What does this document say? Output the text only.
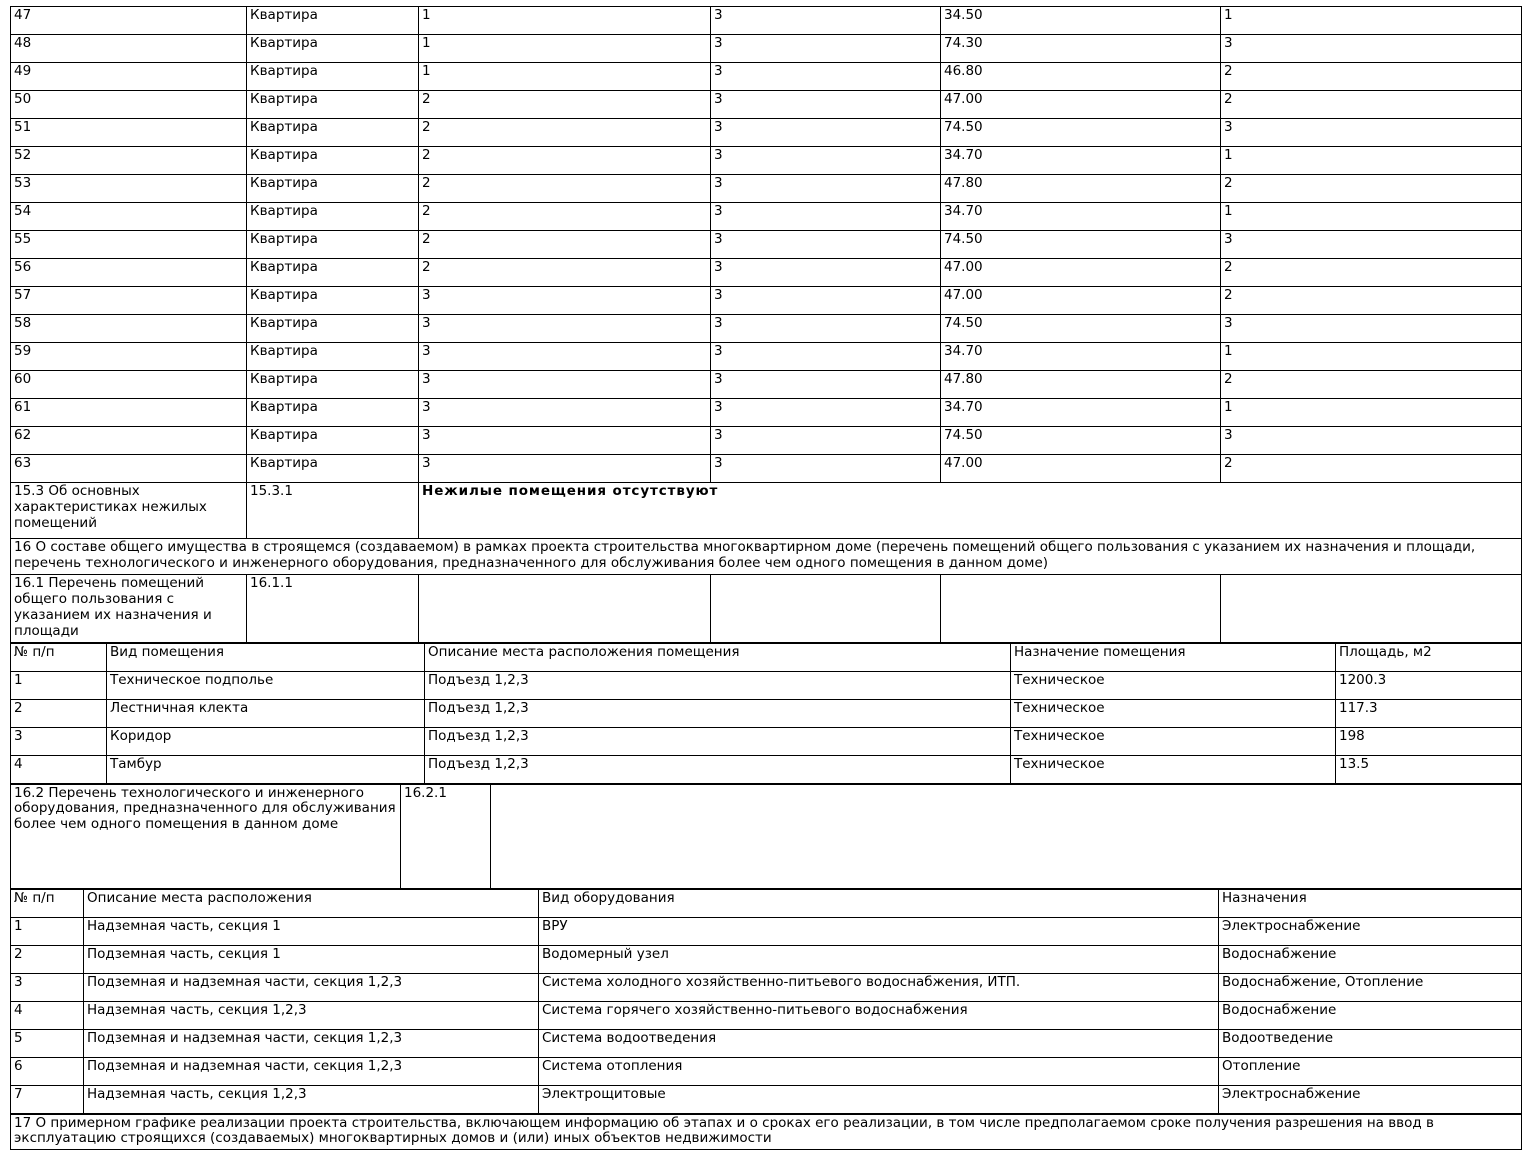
47	Квартира	1	3	34.50	1
48	Квартира	1	3	74.30	3
49	Квартира	1	3	46.80	2
50	Квартира	2	3	47.00	2
51	Квартира	2	3	74.50	3
52	Квартира	2	3	34.70	1
53	Квартира	2	3	47.80	2
54	Квартира	2	3	34.70	1
55	Квартира	2	3	74.50	3
56	Квартира	2	3	47.00	2
57	Квартира	3	3	47.00	2
58	Квартира	3	3	74.50	3
59	Квартира	3	3	34.70	1
60	Квартира	3	3	47.80	2
61	Квартира	3	3	34.70	1
62	Квартира	3	3	74.50	3
63	Квартира	3	3	47.00	2
15.3 Об основных характеристиках нежилых помещений	15.3.1	Нежилые помещения отсутствуют			
16 О составе общего имущества в строящемся (создаваемом) в рамках проекта строительства многоквартирном доме (перечень помещений общего пользования с указанием их назначения и площади, перечень технологического и инженерного оборудования, предназначенного для обслуживания более чем одного помещения в данном доме)					
16.1 Перечень помещений общего пользования с указанием их назначения и площади	16.1.1				
№ п/п	Вид помещения	Описание места расположения помещения	Назначение помещения	Площадь, м2
1	Техническое подполье	Подъезд 1,2,3	Техническое	1200.3
2	Лестничная клекта	Подъезд 1,2,3	Техническое	117.3
3	Коридор	Подъезд 1,2,3	Техническое	198
4	Тамбур	Подъезд 1,2,3	Техническое	13.5
16.2 Перечень технологического и инженерного оборудования, предназначенного для обслуживания более чем одного помещения в данном доме	16.2.1	
№ п/п	Описание места расположения	Вид оборудования	Назначения
1	Надземная часть, секция 1	ВРУ	Электроснабжение
2	Подземная часть, секция 1	Водомерный узел	Водоснабжение
3	Подземная и надземная части, секция 1,2,3	Система холодного хозяйственно-питьевого водоснабжения, ИТП.	Водоснабжение, Отопление
4	Надземная часть, секция 1,2,3	Система горячего хозяйственно-питьевого водоснабжения	Водоснабжение
5	Подземная и надземная части, секция 1,2,3	Система водоотведения	Водоотведение
6	Подземная и надземная части, секция 1,2,3	Система отопления	Отопление
7	Надземная часть, секция 1,2,3	Электрощитовые	Электроснабжение
17 О примерном графике реализации проекта строительства, включающем информацию об этапах и о сроках его реализации, в том числе предполагаемом сроке получения разрешения на ввод в эксплуатацию строящихся (создаваемых) многоквартирных домов и (или) иных объектов недвижимости
